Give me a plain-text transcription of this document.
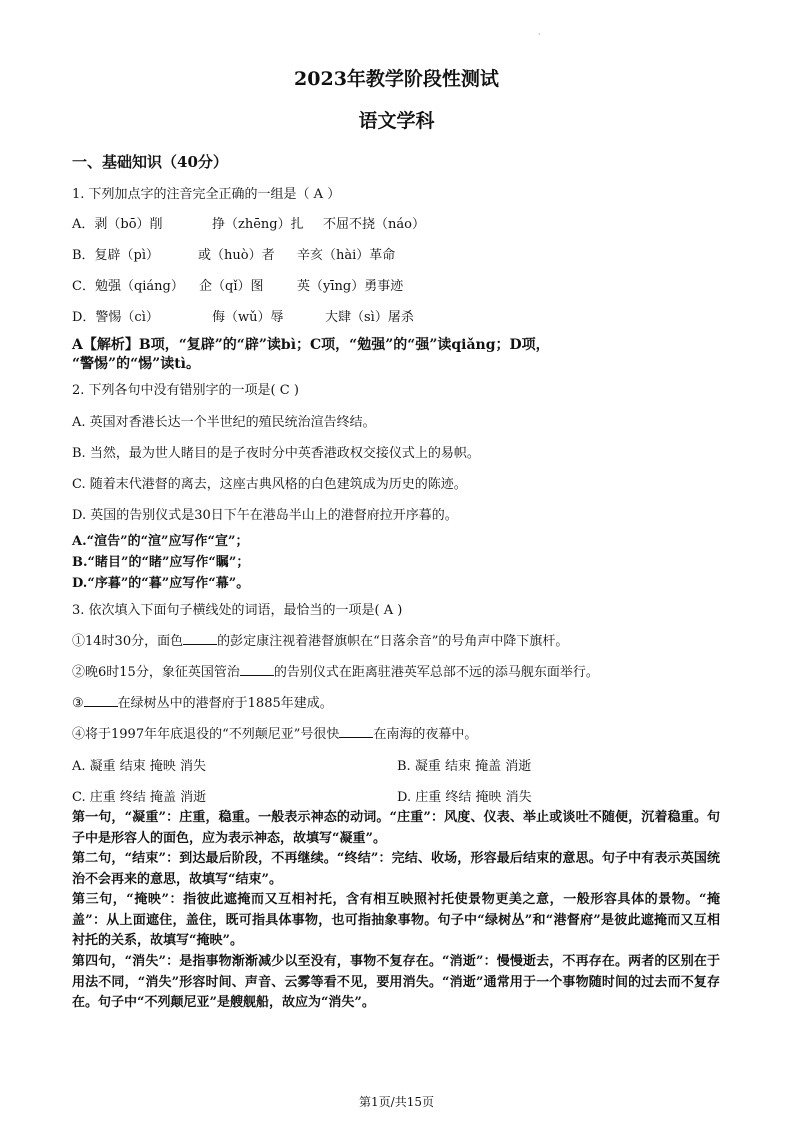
·
2023年教学阶段性测试
语文学科
一、基础知识（40分）
1. 下列加点字的注音完全正确的一组是（ A ）
A．剥（bō）削	挣（zhēng）扎 不屈不挠（náo）
B．复辟（pì）	或（huò）者 辛亥（hài）革命
C．勉强（qiáng） 企（qǐ）图	英（yīng）勇事迹
D．警惕（cì）	侮（wǔ）辱	大肆（sì）屠杀
A【解析】B项，“复辟”的“辟”读bì；C项，“勉强”的“强”读qiǎng；D项，
“警惕”的“惕”读tì。
2. 下列各句中没有错别字的一项是( C )
A. 英国对香港长达一个半世纪的殖民统治渲告终结。
B. 当然，最为世人睹目的是子夜时分中英香港政权交接仪式上的易帜。
C. 随着末代港督的离去，这座古典风格的白色建筑成为历史的陈迹。
D. 英国的告别仪式是30日下午在港岛半山上的港督府拉开序暮的。
A.“渲告”的“渲”应写作“宣”；
B.“睹目”的“睹”应写作“瞩”；
D.“序暮”的“暮”应写作“幕”。
3. 依次填入下面句子横线处的词语，最恰当的一项是( A )
①14时30分，面色	的彭定康注视着港督旗帜在“日落余音”的号角声中降下旗杆。
②晚6时15分，象征英国管治	的告别仪式在距离驻港英军总部不远的添马舰东面举行。
③	在绿树丛中的港督府于1885年建成。
④将于1997年年底退役的“不列颠尼亚”号很快	在南海的夜幕中。
A. 凝重 结束 掩映 消失	B. 凝重 结束 掩盖 消逝
C. 庄重 终结 掩盖 消逝	D. 庄重 终结 掩映 消失
第一句，“凝重”：庄重，稳重。一般表示神态的动词。“庄重”：风度、仪表、举止或谈吐不随便，沉着稳重。句子中是形容人的面色，应为表示神态，故填写“凝重”。
第二句，“结束”：到达最后阶段，不再继续。“终结”：完结、收场，形容最后结束的意思。句子中有表示英国统治不会再来的意思，故填写“结束”。
第三句，“掩映”：指彼此遮掩而又互相衬托，含有相互映照衬托使景物更美之意，一般形容具体的景物。“掩盖”：从上面遮住，盖住，既可指具体事物，也可指抽象事物。句子中“绿树丛”和“港督府”是彼此遮掩而又互相衬托的关系，故填写“掩映”。
第四句，“消失”：是指事物渐渐减少以至没有，事物不复存在。“消逝”：慢慢逝去，不再存在。两者的区别在于用法不同，“消失”形容时间、声音、云雾等看不见，要用消失。“消逝”通常用于一个事物随时间的过去而不复存在。句子中“不列颠尼亚”是艘舰船，故应为“消失”。
第1页/共15页
